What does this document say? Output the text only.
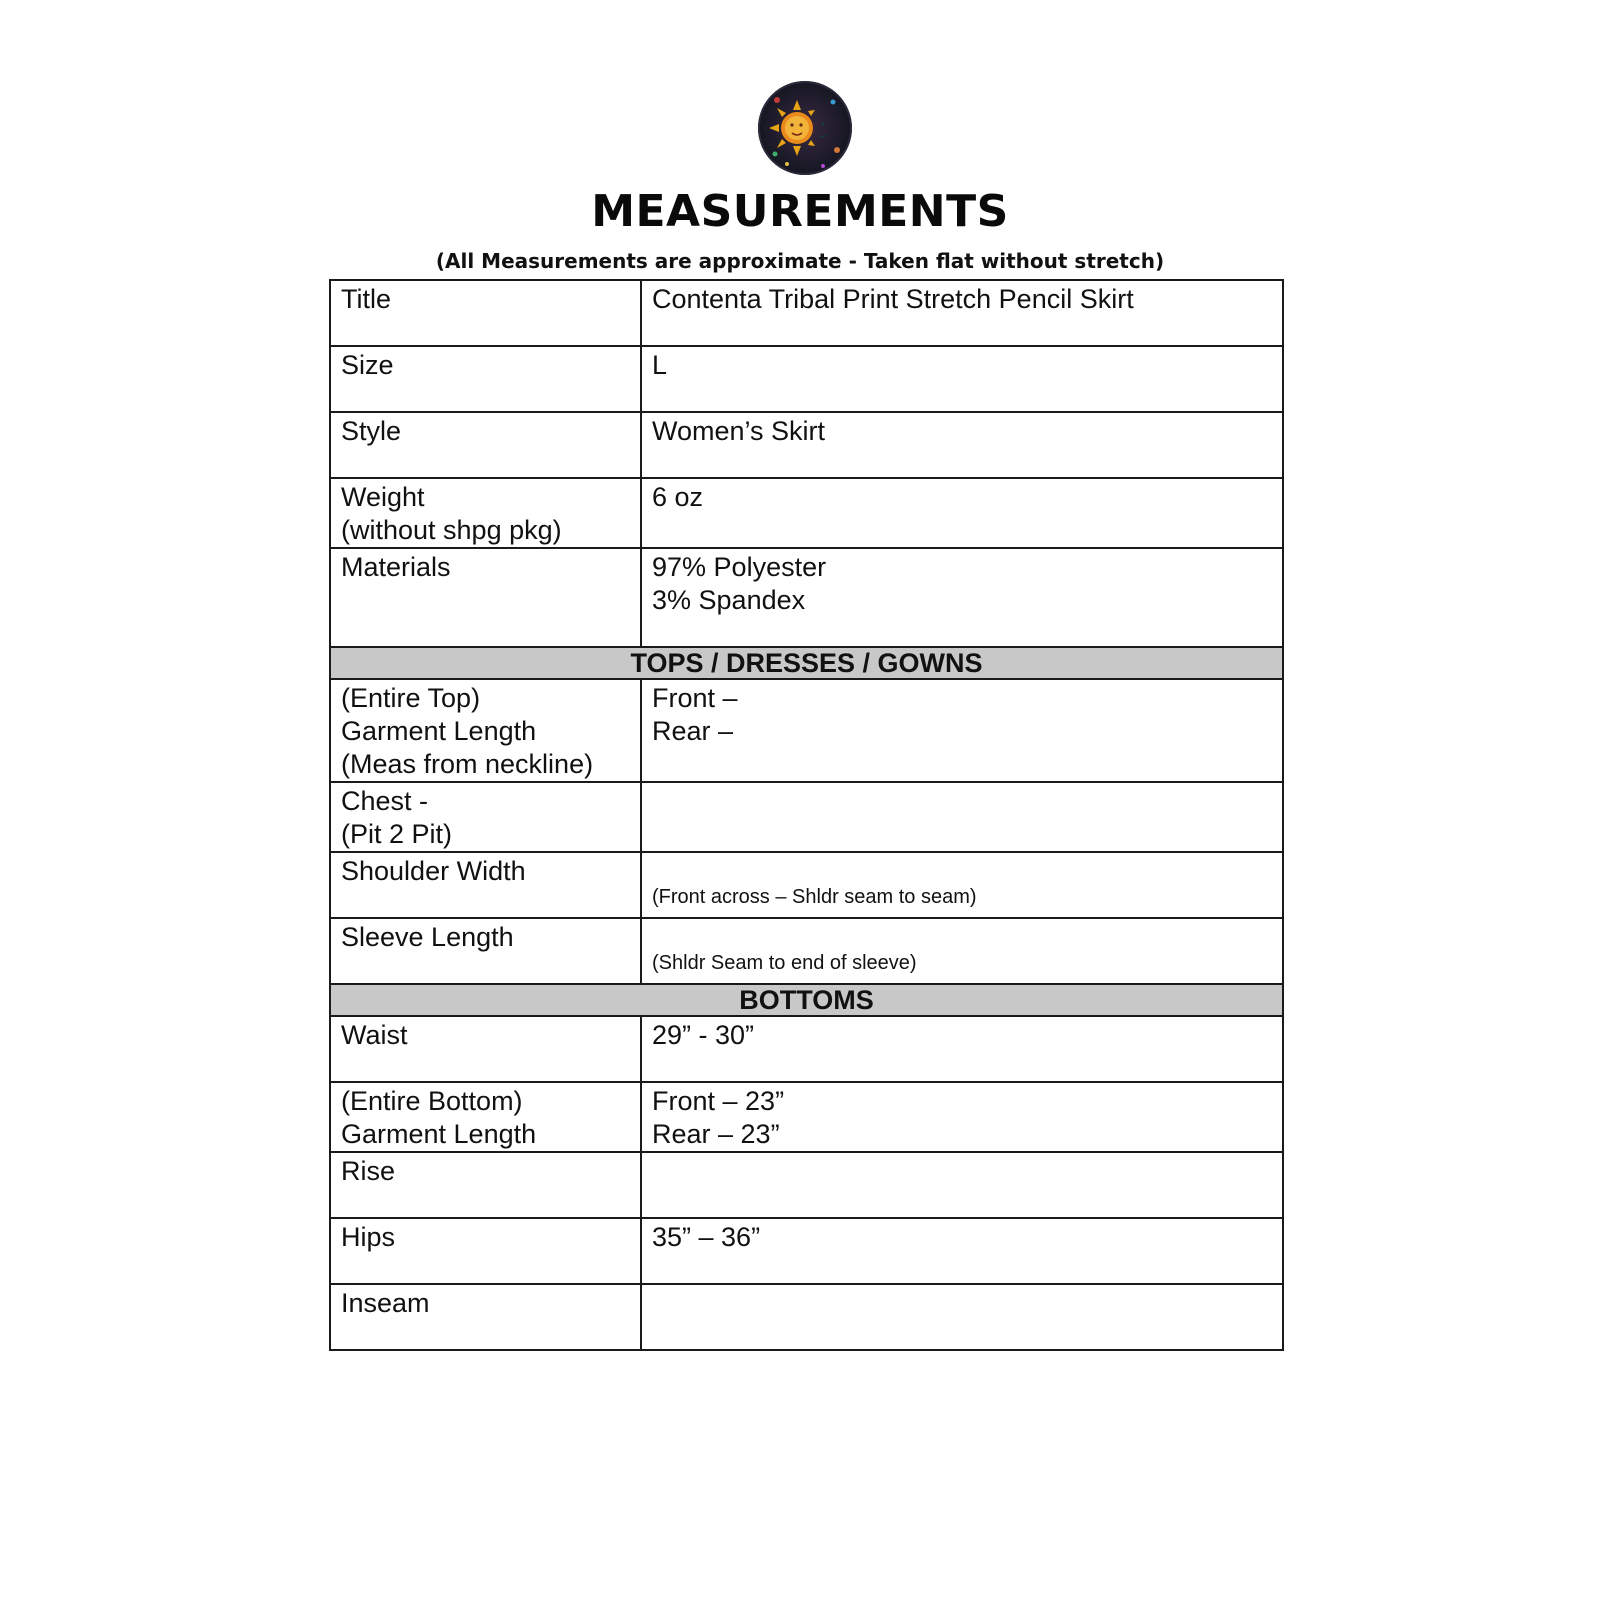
MEASUREMENTS
(All Measurements are approximate - Taken flat without stretch)
Title	Contenta Tribal Print Stretch Pencil Skirt
Size	L
Style	Women’s Skirt

Weight
(without shpg pkg)	6 oz
Materials	97% Polyester
3% Spandex

TOPS / DRESSES / GOWNS	

(Entire Top)
Garment Length
(Meas from neckline)	Front –
Rear –

Chest -
(Pit 2 Pit)	

Shoulder Width	(Front across – Shldr seam to seam)

Sleeve Length	(Shldr Seam to end of sleeve)

BOTTOMS	
Waist	29” - 30”

(Entire Bottom)
Garment Length	Front – 23”
Rear – 23”

Rise	
Hips	35” – 36”
Inseam	
